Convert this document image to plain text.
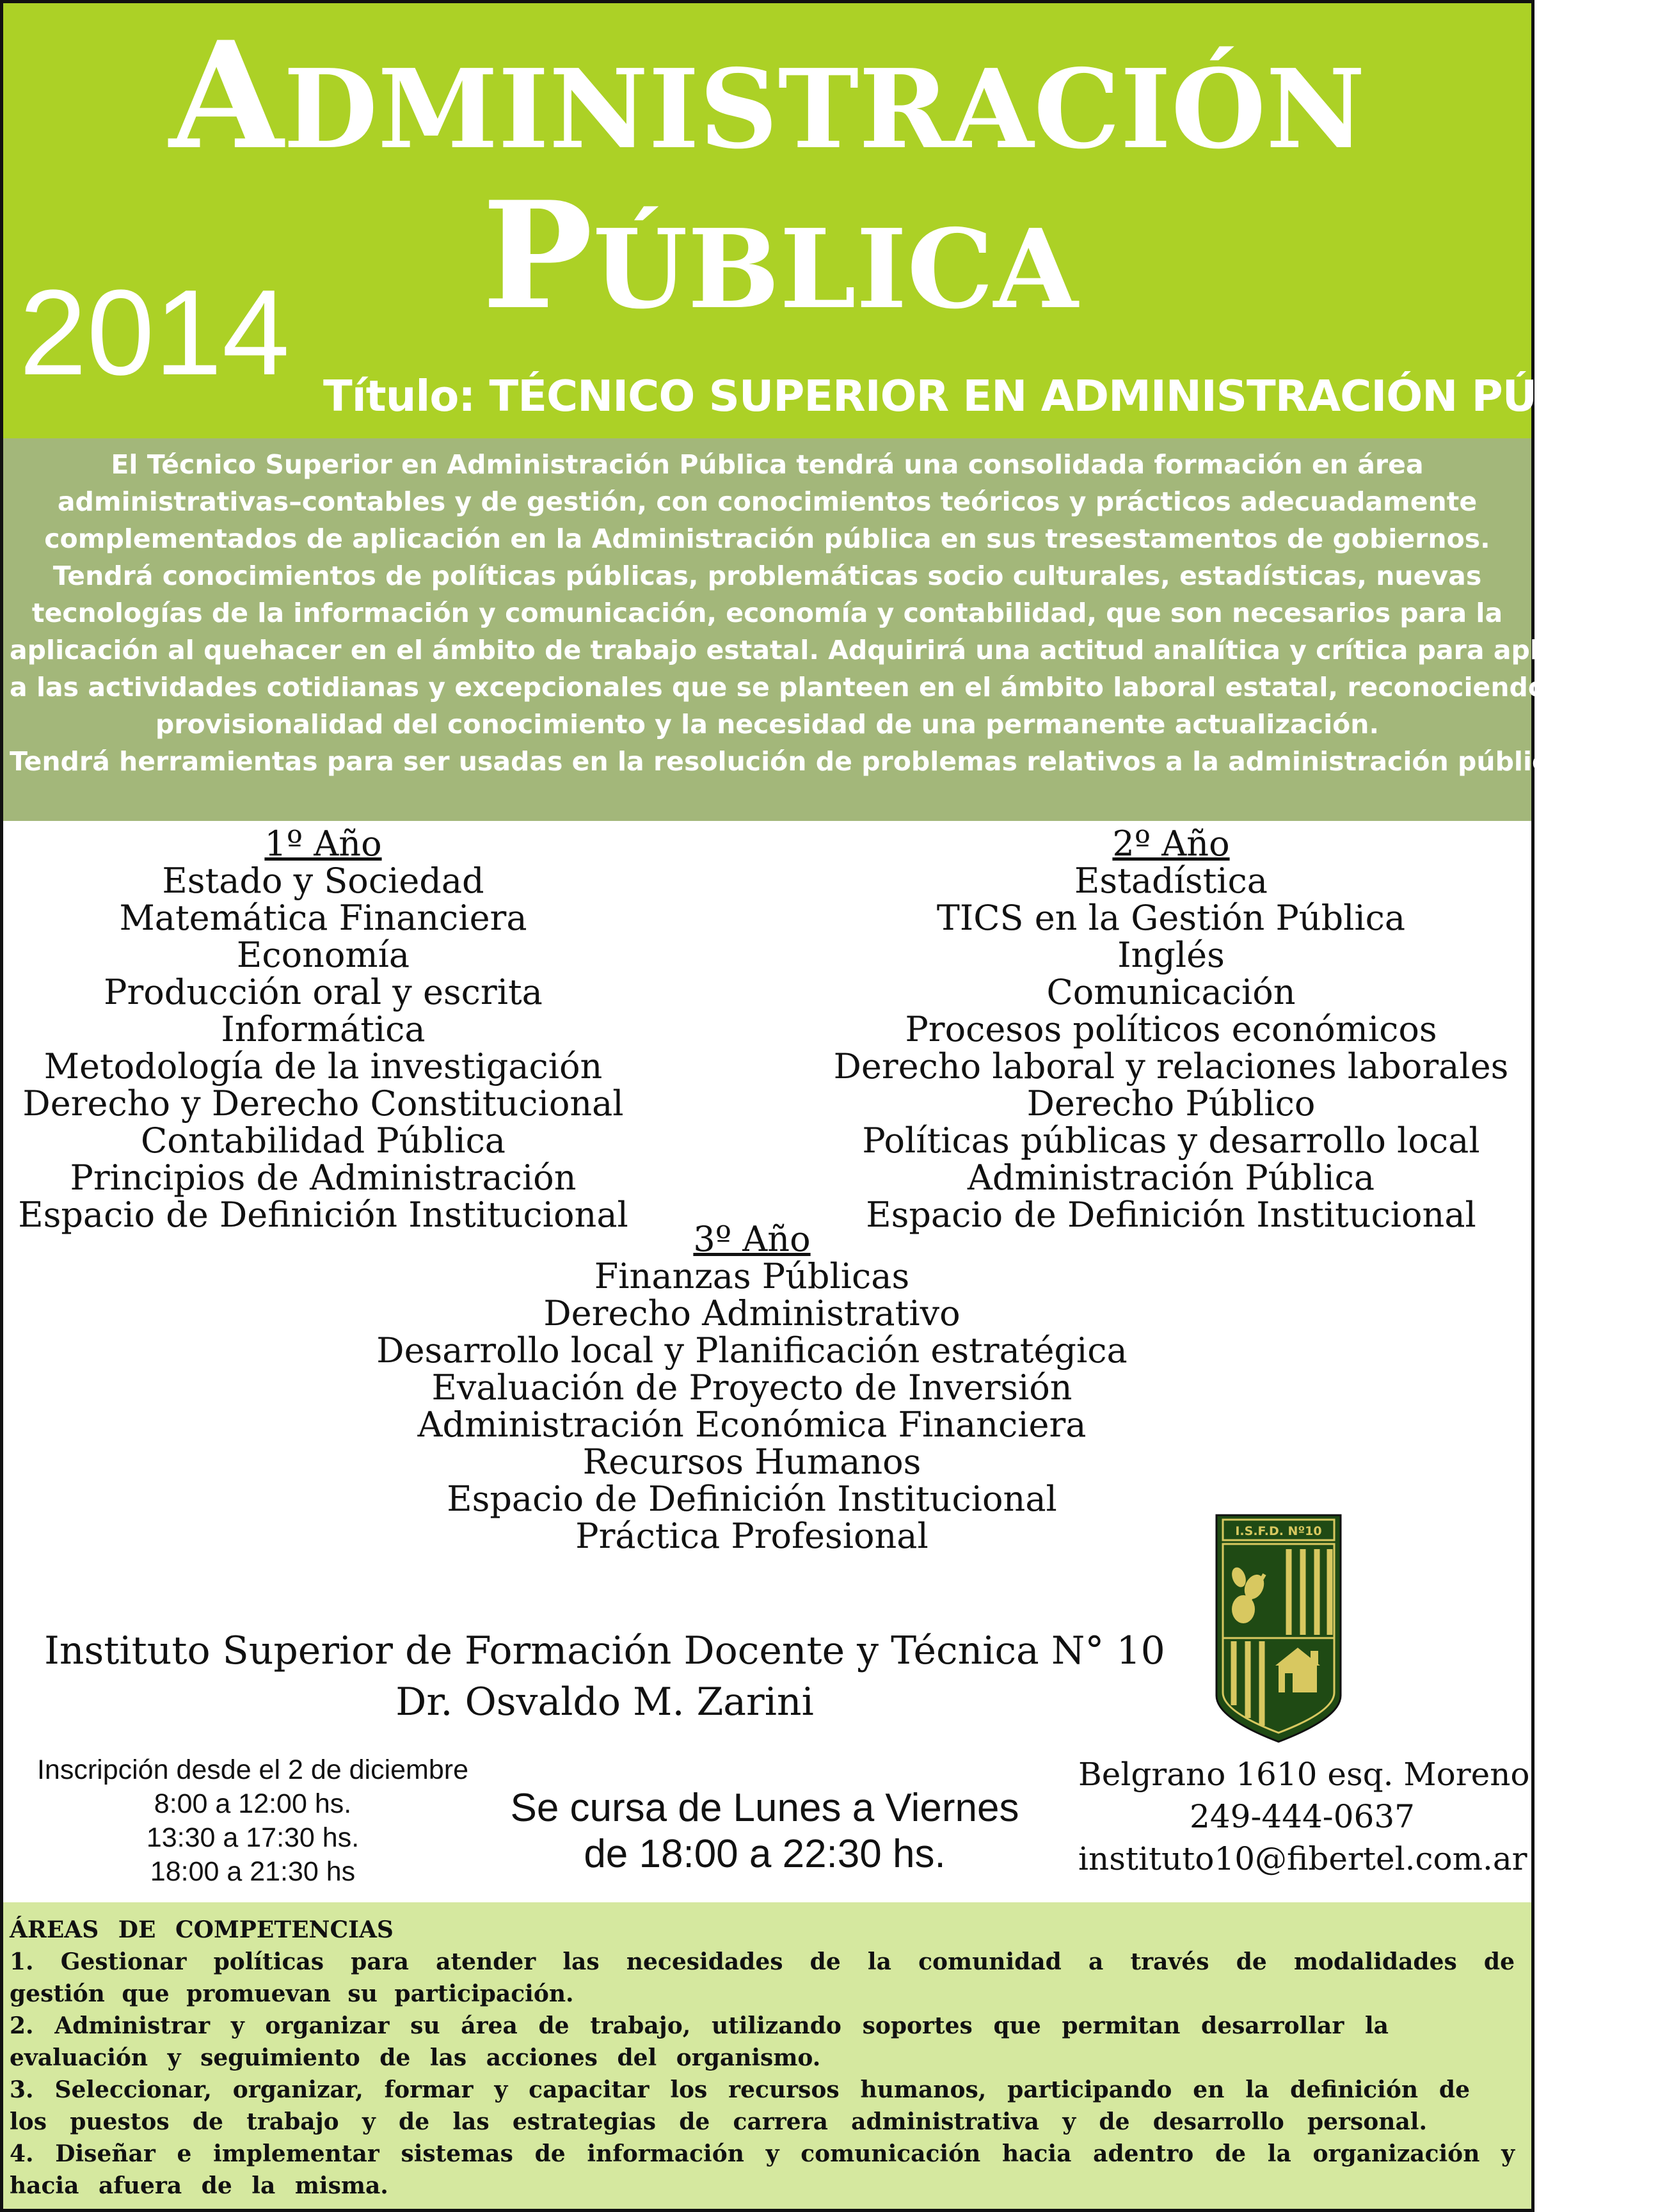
ADMINISTRACIÓN
PÚBLICA
2014 Título: TÉCNICO SUPERIOR EN ADMINISTRACIÓN PÚBLICA
El Técnico Superior en Administración Pública tendrá una consolidada formación en área
administrativas–contables y de gestión, con conocimientos teóricos y prácticos adecuadamente
complementados de aplicación en la Administración pública en sus tresestamentos de gobiernos.
Tendrá conocimientos de políticas públicas, problemáticas socio culturales, estadísticas, nuevas
tecnologías de la información y comunicación, economía y contabilidad, que son necesarios para la
aplicación al quehacer en el ámbito de trabajo estatal. Adquirirá una actitud analítica y crítica para aplicar
a las actividades cotidianas y excepcionales que se planteen en el ámbito laboral estatal, reconociendo la
provisionalidad del conocimiento y la necesidad de una permanente actualización.
Tendrá herramientas para ser usadas en la resolución de problemas relativos a la administración pública.
1º Año
Estado y Sociedad
Matemática Financiera
Economía
Producción oral y escrita
Informática
Metodología de la investigación
Derecho y Derecho Constitucional
Contabilidad Pública
Principios de Administración
Espacio de Definición Institucional
2º Año
Estadística
TICS en la Gestión Pública
Inglés
Comunicación
Procesos políticos económicos
Derecho laboral y relaciones laborales
Derecho Público
Políticas públicas y desarrollo local
Administración Pública
Espacio de Definición Institucional
3º Año
Finanzas Públicas
Derecho Administrativo
Desarrollo local y Planificación estratégica
Evaluación de Proyecto de Inversión
Administración Económica Financiera
Recursos Humanos
Espacio de Definición Institucional
Práctica Profesional	I.S.F.D. Nº10
Instituto Superior de Formación Docente y Técnica N° 10
Dr. Osvaldo M. Zarini
Inscripción desde el 2 de diciembre
8:00 a 12:00 hs.
13:30 a 17:30 hs.
18:00 a 21:30 hs
Se cursa de Lunes a Viernes
de 18:00 a 22:30 hs.
Belgrano 1610 esq. Moreno
249-444-0637
instituto10@fibertel.com.ar
ÁREAS DE COMPETENCIAS
1. Gestionar políticas para atender las necesidades de la comunidad a través de modalidades de
gestión que promuevan su participación.
2. Administrar y organizar su área de trabajo, utilizando soportes que permitan desarrollar la
evaluación y seguimiento de las acciones del organismo.
3. Seleccionar, organizar, formar y capacitar los recursos humanos, participando en la definición de
los puestos de trabajo y de las estrategias de carrera administrativa y de desarrollo personal.
4. Diseñar e implementar sistemas de información y comunicación hacia adentro de la organización y
hacia afuera de la misma.
